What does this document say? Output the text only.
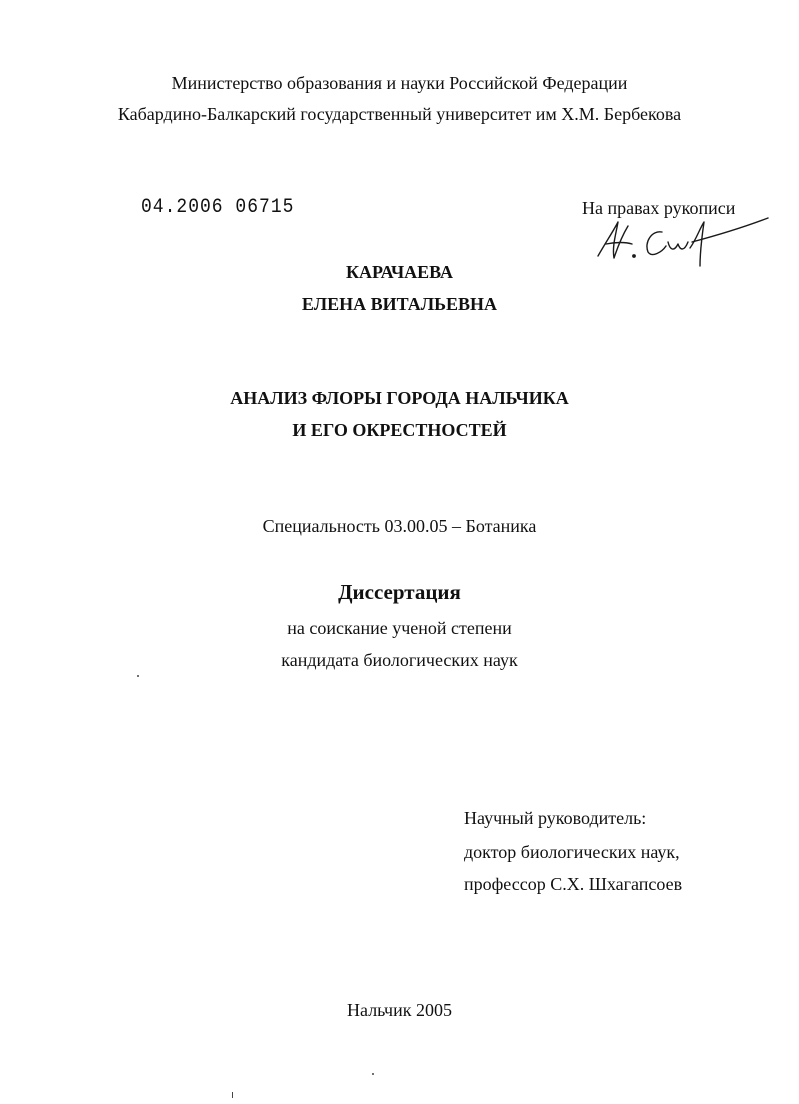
Министерство образования и науки Российской Федерации
Кабардино-Балкарский государственный университет им Х.М. Бербекова
04.2006 06715	На правах рукописи
КАРАЧАЕВА
ЕЛЕНА ВИТАЛЬЕВНА
АНАЛИЗ ФЛОРЫ ГОРОДА НАЛЬЧИКА
И ЕГО ОКРЕСТНОСТЕЙ
Специальность 03.00.05 – Ботаника
Диссертация
на соискание ученой степени
кандидата биологических наук
Научный руководитель:
доктор биологических наук,
профессор С.Х. Шхагапсоев
Нальчик 2005
